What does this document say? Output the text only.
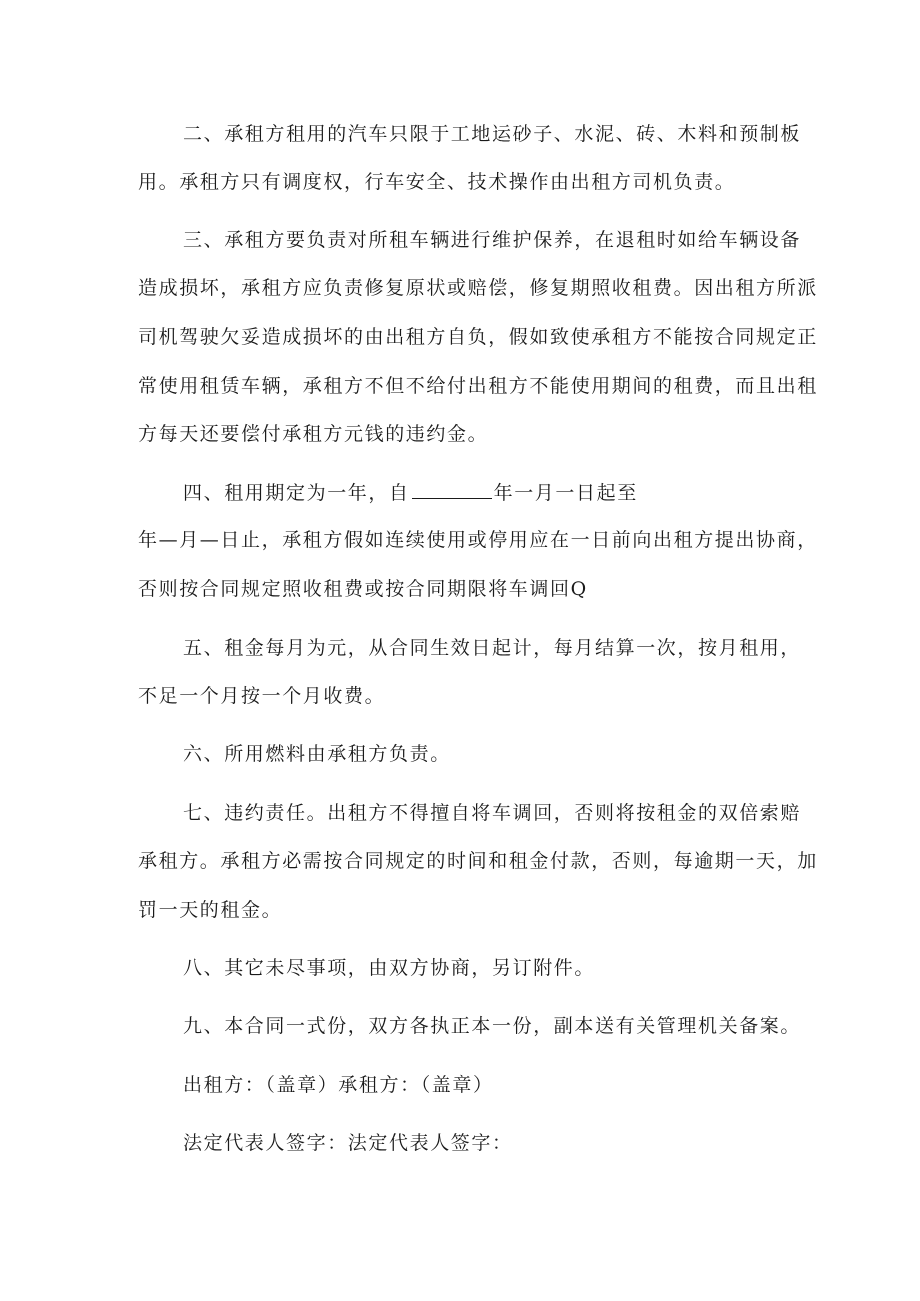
二、承租方租用的汽车只限于工地运砂子、水泥、砖、木料和预制板
用。承租方只有调度权，行车安全、技术操作由出租方司机负责。
三、承租方要负责对所租车辆进行维护保养，在退租时如给车辆设备
造成损坏，承租方应负责修复原状或赔偿，修复期照收租费。因出租方所派
司机驾驶欠妥造成损坏的由出租方自负，假如致使承租方不能按合同规定正
常使用租赁车辆，承租方不但不给付出租方不能使用期间的租费，而且出租
方每天还要偿付承租方元钱的违约金。
四、租用期定为一年，自	年一月一日起至
年—月—日止，承租方假如连续使用或停用应在一日前向出租方提出协商，
否则按合同规定照收租费或按合同期限将车调回Q
五、租金每月为元，从合同生效日起计，每月结算一次，按月租用，
不足一个月按一个月收费。
六、所用燃料由承租方负责。
七、违约责任。出租方不得擅自将车调回，否则将按租金的双倍索赔
承租方。承租方必需按合同规定的时间和租金付款，否则，每逾期一天，加
罚一天的租金。
八、其它未尽事项，由双方协商，另订附件。
九、本合同一式份，双方各执正本一份，副本送有关管理机关备案。
出租方：（盖章）承租方：（盖章）
法定代表人签字：法定代表人签字：
